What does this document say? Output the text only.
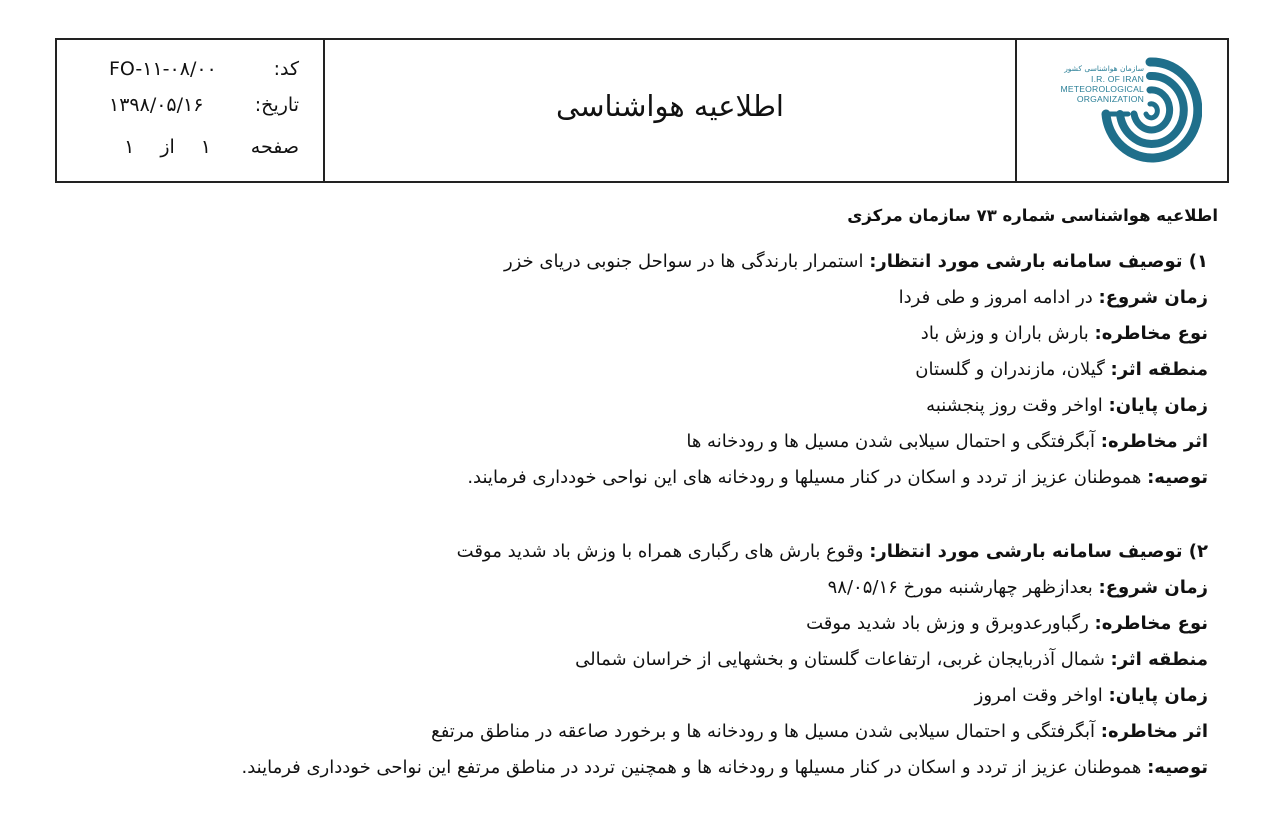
کد:
FO-۱۱-۰۸/۰۰
تاریخ:
۱۳۹۸/۰۵/۱۶
صفحه
۱
از
۱
اطلاعیه هواشناسی
سازمان هواشناسی کشور
I.R. OF IRAN
METEOROLOGICAL
ORGANIZATION
اطلاعیه هواشناسی شماره ۷۳ سازمان مرکزی
۱) توصیف سامانه بارشی مورد انتظار: استمرار بارندگی ها در سواحل جنوبی دریای خزر
زمان شروع: در ادامه امروز و طی فردا
نوع مخاطره: بارش باران و وزش باد
منطقه اثر: گیلان، مازندران و گلستان
زمان پایان: اواخر وقت روز پنجشنبه
اثر مخاطره: آبگرفتگی و احتمال سیلابی شدن مسیل ها و رودخانه ها
توصیه: هموطنان عزیز از تردد و اسکان در کنار مسیلها و رودخانه های این نواحی خودداری فرمایند.
۲) توصیف سامانه بارشی مورد انتظار: وقوع بارش های رگباری همراه با وزش باد شدید موقت
زمان شروع: بعدازظهر چهارشنبه مورخ ۹۸/۰۵/۱۶
نوع مخاطره: رگباورعدوبرق و وزش باد شدید موقت
منطقه اثر: شمال آذربایجان غربی، ارتفاعات گلستان و بخشهایی از خراسان شمالی
زمان پایان: اواخر وقت امروز
اثر مخاطره: آبگرفتگی و احتمال سیلابی شدن مسیل ها و رودخانه ها و برخورد صاعقه در مناطق مرتفع
توصیه: هموطنان عزیز از تردد و اسکان در کنار مسیلها و رودخانه ها و همچنین تردد در مناطق مرتفع این نواحی خودداری فرمایند.
